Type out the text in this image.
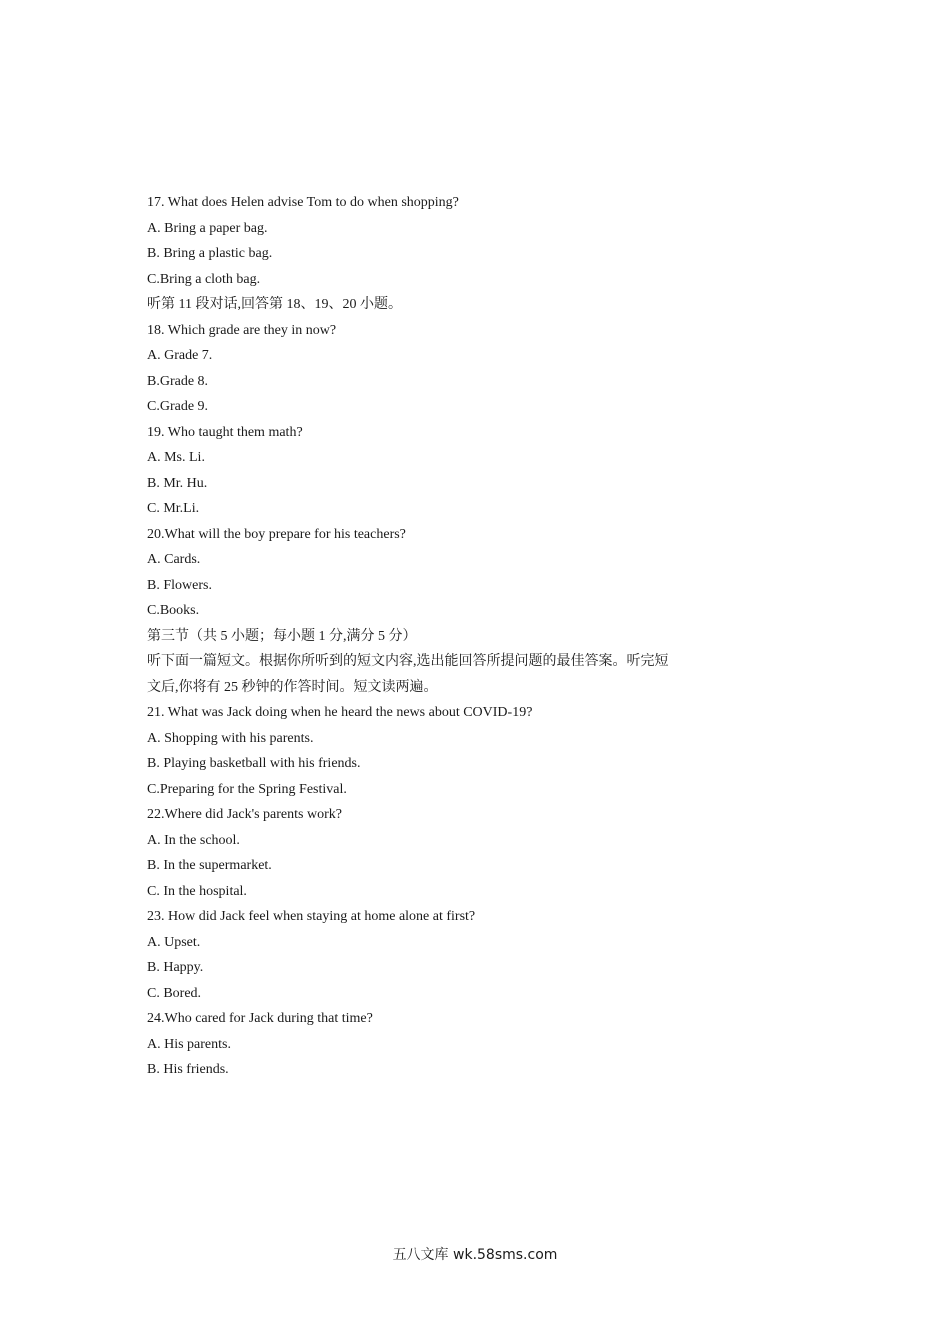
17. What does Helen advise Tom to do when shopping?
A. Bring a paper bag.
B. Bring a plastic bag.
C.Bring a cloth bag.
听第 11 段对话,回答第 18、19、20 小题。
18. Which grade are they in now?
A. Grade 7.
B.Grade 8.
C.Grade 9.
19. Who taught them math?
A. Ms. Li.
B. Mr. Hu.
C. Mr.Li.
20.What will the boy prepare for his teachers?
A. Cards.
B. Flowers.
C.Books.
第三节（共 5 小题；每小题 1 分,满分 5 分）
听下面一篇短文。根据你所听到的短文内容,选出能回答所提问题的最佳答案。听完短
文后,你将有 25 秒钟的作答时间。短文读两遍。
21. What was Jack doing when he heard the news about COVID-19?
A. Shopping with his parents.
B. Playing basketball with his friends.
C.Preparing for the Spring Festival.
22.Where did Jack's parents work?
A. In the school.
B. In the supermarket.
C. In the hospital.
23. How did Jack feel when staying at home alone at first?
A. Upset.
B. Happy.
C. Bored.
24.Who cared for Jack during that time?
A. His parents.
B. His friends.
五八文库 wk.58sms.com
